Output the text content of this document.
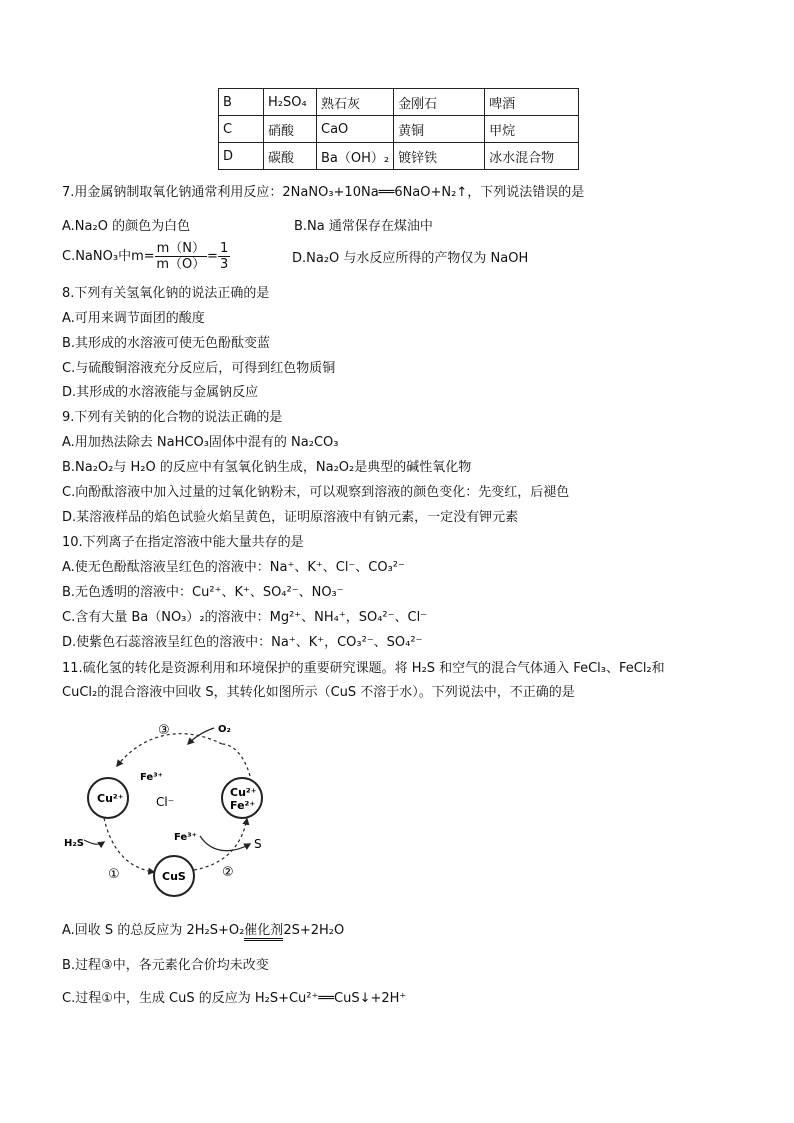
B	H₂SO₄	熟石灰	金刚石	啤酒
C	硝酸	CaO	黄铜	甲烷
D	碳酸	Ba（OH）₂	镀锌铁	冰水混合物
7.用金属钠制取氧化钠通常利用反应：2NaNO₃+10Na══6NaO+N₂↑，下列说法错误的是
A.Na₂O 的颜色为白色	B.Na 通常保存在煤油中
C.NaNO₃中$m= \frac{m(N)}{m(O)} = \frac{1}{3}$	D.Na₂O 与水反应所得的产物仅为 NaOH
8.下列有关氢氧化钠的说法正确的是
A.可用来调节面团的酸度
B.其形成的水溶液可使无色酚酞变蓝
C.与硫酸铜溶液充分反应后，可得到红色物质铜
D.其形成的水溶液能与金属钠反应
9.下列有关钠的化合物的说法正确的是
A.用加热法除去 NaHCO₃固体中混有的 Na₂CO₃
B.Na₂O₂与 H₂O 的反应中有氢氧化钠生成，Na₂O₂是典型的碱性氧化物
C.向酚酞溶液中加入过量的过氧化钠粉末，可以观察到溶液的颜色变化：先变红，后褪色
D.某溶液样品的焰色试验火焰呈黄色，证明原溶液中有钠元素，一定没有钾元素
10.下列离子在指定溶液中能大量共存的是
A.使无色酚酞溶液呈红色的溶液中：Na⁺、K⁺、Cl⁻、CO₃²⁻
B.无色透明的溶液中：Cu²⁺、K⁺、SO₄²⁻、NO₃⁻
C.含有大量 Ba（NO₃）₂的溶液中：Mg²⁺、NH₄⁺，SO₄²⁻、Cl⁻
D.使紫色石蕊溶液呈红色的溶液中：Na⁺、K⁺，CO₃²⁻、SO₄²⁻
11.硫化氢的转化是资源利用和环境保护的重要研究课题。将 H₂S 和空气的混合气体通入 FeCl₃、FeCl₂和
CuCl₂的混合溶液中回收 S，其转化如图所示（CuS 不溶于水）。下列说法中，不正确的是
③	O₂
Fe³⁺
Cu²⁺	Cl⁻
Cu²⁺
Fe²⁺
Fe³⁺	S
H₂S
①	CuS	②
A.回收 S 的总反应为 2H₂S+O₂催化剂2S+2H₂O
B.过程③中，各元素化合价均未改变
C.过程①中，生成 CuS 的反应为 H₂S+Cu²⁺══CuS↓+2H⁺
